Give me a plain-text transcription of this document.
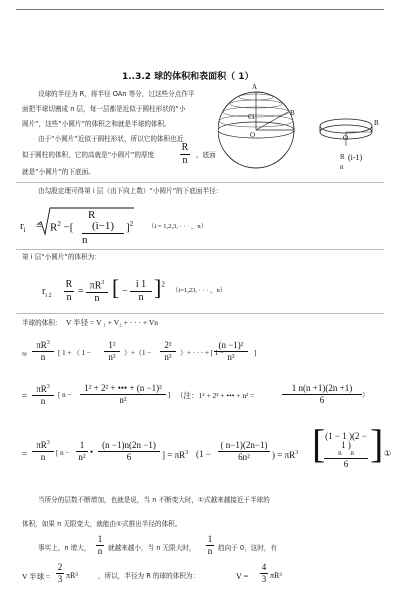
1..3.2 球的体积和表面积（ 1）
设球的半径为 R，将半径 OAn 等分，过这些分点作平
面把半球切割成 n 层，每一层都是近似于圆柱形状的“小
圆片”，这些“小圆片”的体积之和就是半球的体积。
由于“小圆片”近似于圆柱形状，所以它的体积也近
似于圆柱的体积，它的高就是“小圆片”的厚度
R
n	，底面
就是“小圆片”的下底面。
A
Ci	B
O
B
O
R (i-1)
n
由勾股定理可得第 i 层（由下向上数）“小圆片”的下底面半径：
$r_i = R^2$ −[
R
(i−1)
n
]$^2$ （i = 1,2,3, · · · ，n）
第 i 层“小圆片”的体积为：
$r_{i 2}$
R
n
=
$\pi R^3$
n [ −
i 1
n ]$^2$
（i=1,23, · · · ，n）
半球的体积： V 半径 = V ₁ + V₂ + · · · + Vn
≈
$\pi R^3$
n	[ 1 + （ 1 −
1²
n²	）+（1 −
2²
n²	）+ · · · + [ 1 −
(n −1)²
n²	]
=
$\pi R^3$
n
[ n −
1² + 2² + ••• + (n −1)²
n²	] （注：1² + 2² + ••• + n² =
1 n(n +1)(2n +1)
6	）
=
$\pi R^3$
n	[ n −
1
n² •
(n −1)n(2n −1)
6	] = $\pi R^3$ (1 −
( n−1)(2n−1)
6n²	) = $\pi R^3$ [ (1 − 1 )(2 − 1 )
n n
6 ] ①
当所分的层数不断增加，也就是说，当 n 不断变大时，①式越来越接近于半球的
体积，如果 n 无限变大，就能由①式推出半径的体积。
事实上，n 增大，
1
n 就越来越小，当 n 无限大时，
1
n 趋向于 0，这时，有
V 半球 =
2
3 πR³	，所以，半径为 R 的球的体积为：	V =
4
3 πR³
